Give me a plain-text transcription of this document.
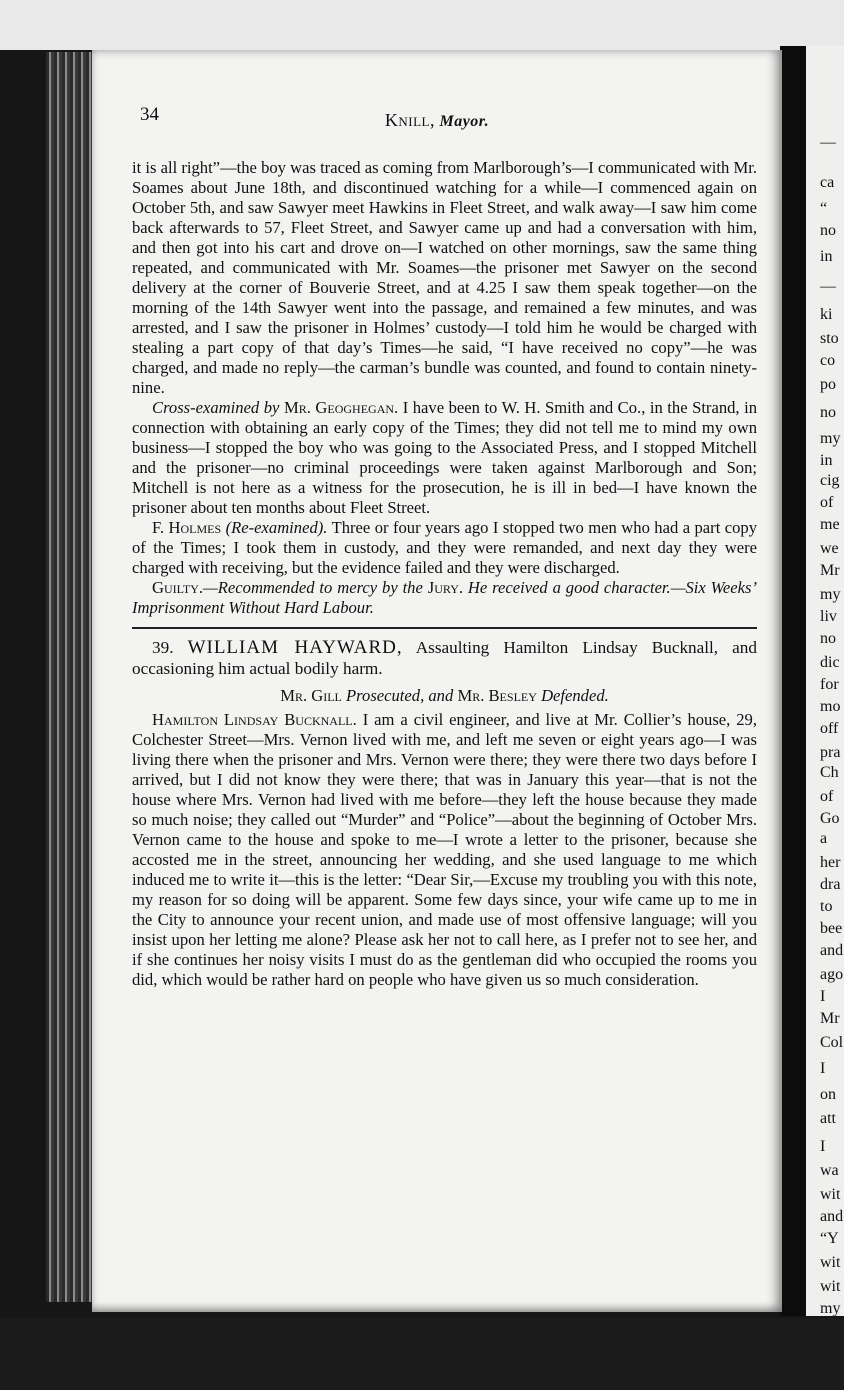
—
ca
“
no
in
—
ki
sto
co
po
no
my
in
cig
of
me
we
Mr
my
liv
no
dic
for
mo
off
pra
Ch
of
Go
a
her
dra
to
bee
and
ago
I
Mr
Col
I
on
att
I
wa
wit
and
“Y
wit
wit
my
34	Knill, Mayor.

it is all right”—the boy was traced as coming from Marlborough’s—I communicated with Mr. Soames about June 18th, and discontinued watching for a while—I commenced again on October 5th, and saw Sawyer meet Hawkins in Fleet Street, and walk away—I saw him come back afterwards to 57, Fleet Street, and Sawyer came up and had a conversation with him, and then got into his cart and drove on—I watched on other mornings, saw the same thing repeated, and communicated with Mr. Soames—the prisoner met Sawyer on the second delivery at the corner of Bouverie Street, and at 4.25 I saw them speak together—on the morning of the 14th Sawyer went into the passage, and remained a few minutes, and was arrested, and I saw the prisoner in Holmes’ custody—I told him he would be charged with stealing a part copy of that day’s Times—he said, “I have received no copy”—he was charged, and made no reply—the carman’s bundle was counted, and found to contain ninety-nine.

Cross-examined by Mr. Geoghegan. I have been to W. H. Smith and Co., in the Strand, in connection with obtaining an early copy of the Times; they did not tell me to mind my own business—I stopped the boy who was going to the Associated Press, and I stopped Mitchell and the prisoner—no criminal proceedings were taken against Marlborough and Son; Mitchell is not here as a witness for the prosecution, he is ill in bed—I have known the prisoner about ten months about Fleet Street.

F. Holmes (Re-examined). Three or four years ago I stopped two men who had a part copy of the Times; I took them in custody, and they were remanded, and next day they were charged with receiving, but the evidence failed and they were discharged.

Guilty.—Recommended to mercy by the Jury. He received a good character.—Six Weeks’ Imprisonment Without Hard Labour.

39. WILLIAM HAYWARD, Assaulting Hamilton Lindsay Bucknall, and occasioning him actual bodily harm.

Mr. Gill Prosecuted, and Mr. Besley Defended.

Hamilton Lindsay Bucknall. I am a civil engineer, and live at Mr. Collier’s house, 29, Colchester Street—Mrs. Vernon lived with me, and left me seven or eight years ago—I was living there when the prisoner and Mrs. Vernon were there; they were there two days before I arrived, but I did not know they were there; that was in January this year—that is not the house where Mrs. Vernon had lived with me before—they left the house because they made so much noise; they called out “Murder” and “Police”—about the beginning of October Mrs. Vernon came to the house and spoke to me—I wrote a letter to the prisoner, because she accosted me in the street, announcing her wedding, and she used language to me which induced me to write it—this is the letter: “Dear Sir,—Excuse my troubling you with this note, my reason for so doing will be apparent. Some few days since, your wife came up to me in the City to announce your recent union, and made use of most offensive language; will you insist upon her letting me alone? Please ask her not to call here, as I prefer not to see her, and if she continues her noisy visits I must do as the gentleman did who occupied the rooms you did, which would be rather hard on people who have given us so much consideration.
